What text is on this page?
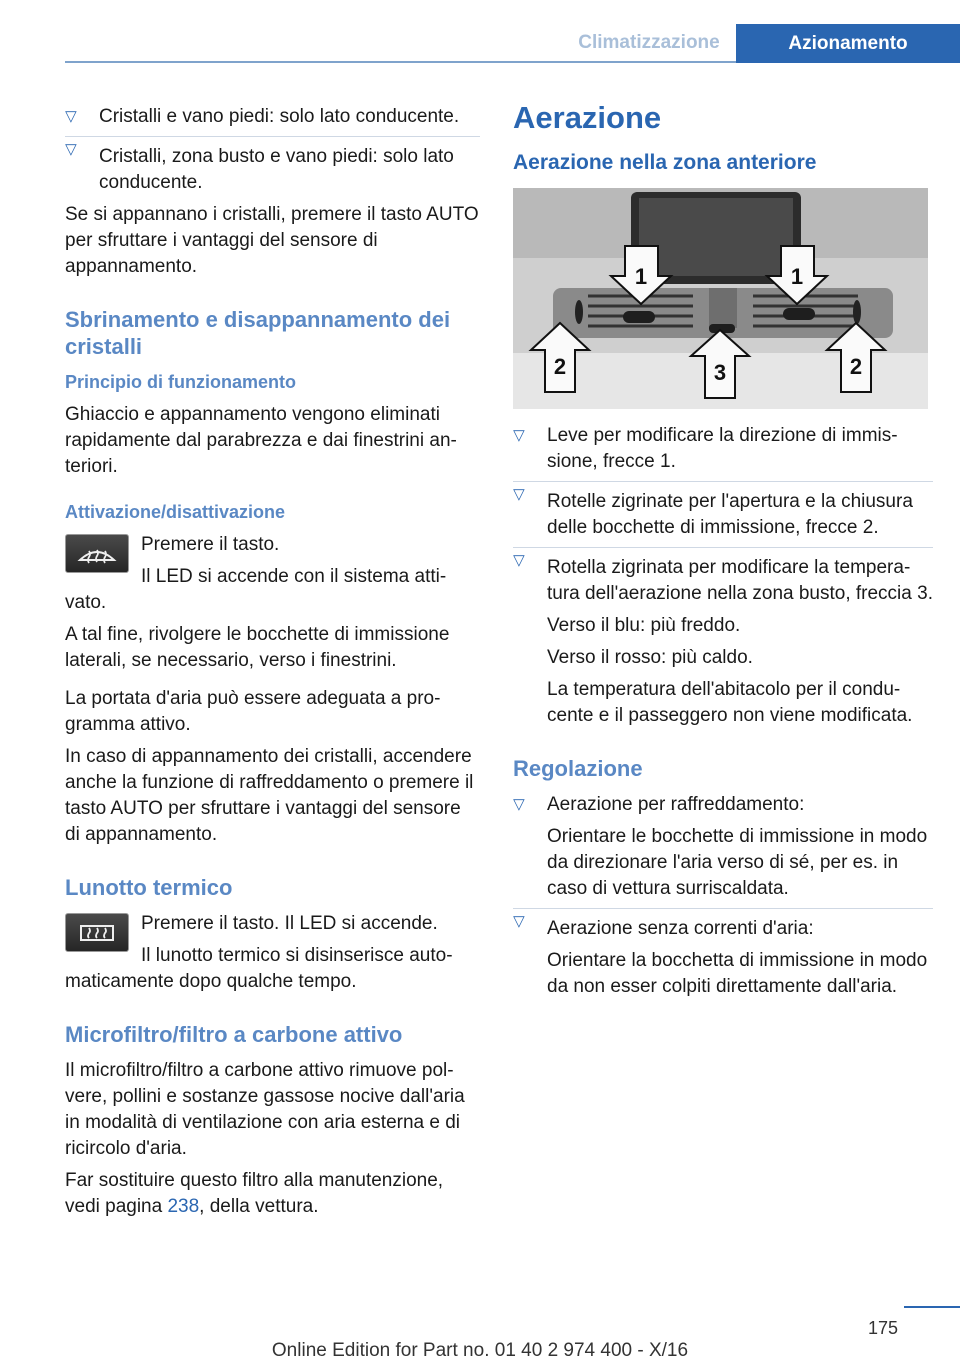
Climatizzazione	Azionamento
▷ Cristalli e vano piedi: solo lato conducente.
▷ Cristalli, zona busto e vano piedi: solo lato conducente.

Se si appannano i cristalli, premere il tasto AUTO per sfruttare i vantaggi del sensore di appannamento.

Sbrinamento e disappannamento dei cristalli
Principio di funzionamento

Ghiaccio e appannamento vengono eliminati rapidamente dal parabrezza e dai finestrini anteriori.

Attivazione/disattivazione

Premere il tasto.

Il LED si accende con il sistema attivato.

A tal fine, rivolgere le bocchette di immissione laterali, se necessario, verso i finestrini.

La portata d'aria può essere adeguata a programma attivo.

In caso di appannamento dei cristalli, accendere anche la funzione di raffreddamento o premere il tasto AUTO per sfruttare i vantaggi del sensore di appannamento.

Lunotto termico

Premere il tasto. Il LED si accende.

Il lunotto termico si disinserisce automaticamente dopo qualche tempo.

Microfiltro/filtro a carbone attivo

Il microfiltro/filtro a carbone attivo rimuove polvere, pollini e sostanze gassose nocive dall'aria in modalità di ventilazione con aria esterna e di ricircolo d'aria.

Far sostituire questo filtro alla manutenzione, vedi pagina 238, della vettura.

Aerazione
Aerazione nella zona anteriore
1	1
2	2
3
▷ Leve per modificare la direzione di immissione, frecce 1.
▷ Rotelle zigrinate per l'apertura e la chiusura delle bocchette di immissione, frecce 2.
▷ Rotella zigrinata per modificare la temperatura dell'aerazione nella zona busto, freccia 3.
Verso il blu: più freddo.
Verso il rosso: più caldo.
La temperatura dell'abitacolo per il conducente e il passeggero non viene modificata.
Regolazione
▷ Aerazione per raffreddamento:
Orientare le bocchette di immissione in modo da direzionare l'aria verso di sé, per es. in caso di vettura surriscaldata.
▷ Aerazione senza correnti d'aria:
Orientare la bocchetta di immissione in modo da non esser colpiti direttamente dall'aria.
175
Online Edition for Part no. 01 40 2 974 400 - X/16
